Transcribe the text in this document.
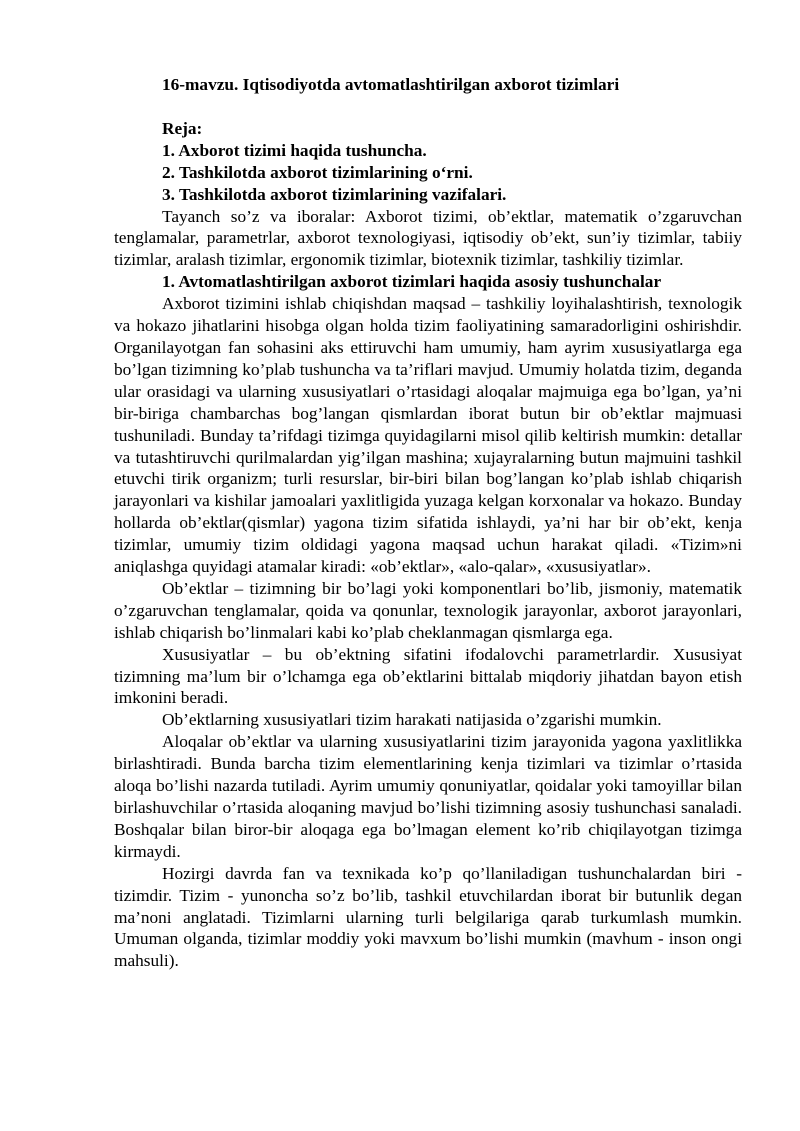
16-mavzu. Iqtisodiyotda avtomatlashtirilgan axborot tizimlari
Reja:
1. Axborot tizimi haqida tushuncha.
2. Tashkilotda axborot tizimlarining o‘rni.
3. Tashkilotda axborot tizimlarining vazifalari.

Tayanch so’z va iboralar: Axborot tizimi, ob’ektlar, matematik o’zgaruvchan tenglamalar, parametrlar, axborot texnologiyasi, iqtisodiy ob’ekt, sun’iy tizimlar, tabiiy tizimlar, aralash tizimlar, ergonomik tizimlar, biotexnik tizimlar, tashkiliy tizimlar.

1. Avtomatlashtirilgan axborot tizimlari haqida asosiy tushunchalar

Axborot tizimini ishlab chiqishdan maqsad – tashkiliy loyihalashtirish, texnologik va hokazo jihatlarini hisobga olgan holda tizim faoliyatining samaradorligini oshirishdir. Organilayotgan fan sohasini aks ettiruvchi ham umumiy, ham ayrim xususiyatlarga ega bo’lgan tizimning ko’plab tushuncha va ta’riflari mavjud. Umumiy holatda tizim, deganda ular orasidagi va ularning xususiyatlari o’rtasidagi aloqalar majmuiga ega bo’lgan, ya’ni bir-biriga chambarchas bog’langan qismlardan iborat butun bir ob’ektlar majmuasi tushuniladi. Bunday ta’rifdagi tizimga quyidagilarni misol qilib keltirish mumkin: detallar va tutashtiruvchi qurilmalardan yig’ilgan mashina; xujayralarning butun majmuini tashkil etuvchi tirik organizm; turli resurslar, bir-biri bilan bog’langan ko’plab ishlab chiqarish jarayonlari va kishilar jamoalari yaxlitligida yuzaga kelgan korxonalar va hokazo. Bunday hollarda ob’ektlar(qismlar) yagona tizim sifatida ishlaydi, ya’ni har bir ob’ekt, kenja tizimlar, umumiy tizim oldidagi yagona maqsad uchun harakat qiladi. «Tizim»ni aniqlashga quyidagi atamalar kiradi: «ob’ektlar», «alo-qalar», «xususiyatlar».

Ob’ektlar – tizimning bir bo’lagi yoki komponentlari bo’lib, jismoniy, matematik o’zgaruvchan tenglamalar, qoida va qonunlar, texnologik jarayonlar, axborot jarayonlari, ishlab chiqarish bo’linmalari kabi ko’plab cheklanmagan qismlarga ega.

Xususiyatlar – bu ob’ektning sifatini ifodalovchi parametrlardir. Xususiyat tizimning ma’lum bir o’lchamga ega ob’ektlarini bittalab miqdoriy jihatdan bayon etish imkonini beradi.

Ob’ektlarning xususiyatlari tizim harakati natijasida o’zgarishi mumkin.

Aloqalar ob’ektlar va ularning xususiyatlarini tizim jarayonida yagona yaxlitlikka birlashtiradi. Bunda barcha tizim elementlarining kenja tizimlari va tizimlar o’rtasida aloqa bo’lishi nazarda tutiladi. Ayrim umumiy qonuniyatlar, qoidalar yoki tamoyillar bilan birlashuvchilar o’rtasida aloqaning mavjud bo’lishi tizimning asosiy tushunchasi sanaladi. Boshqalar bilan biror-bir aloqaga ega bo’lmagan element ko’rib chiqilayotgan tizimga kirmaydi.

Hozirgi davrda fan va texnikada ko’p qo’llaniladigan tushunchalardan biri - tizimdir. Tizim - yunoncha so’z bo’lib, tashkil etuvchilardan iborat bir butunlik degan ma’noni anglatadi. Tizimlarni ularning turli belgilariga qarab turkumlash mumkin. Umuman olganda, tizimlar moddiy yoki mavxum bo’lishi mumkin (mavhum - inson ongi mahsuli).
